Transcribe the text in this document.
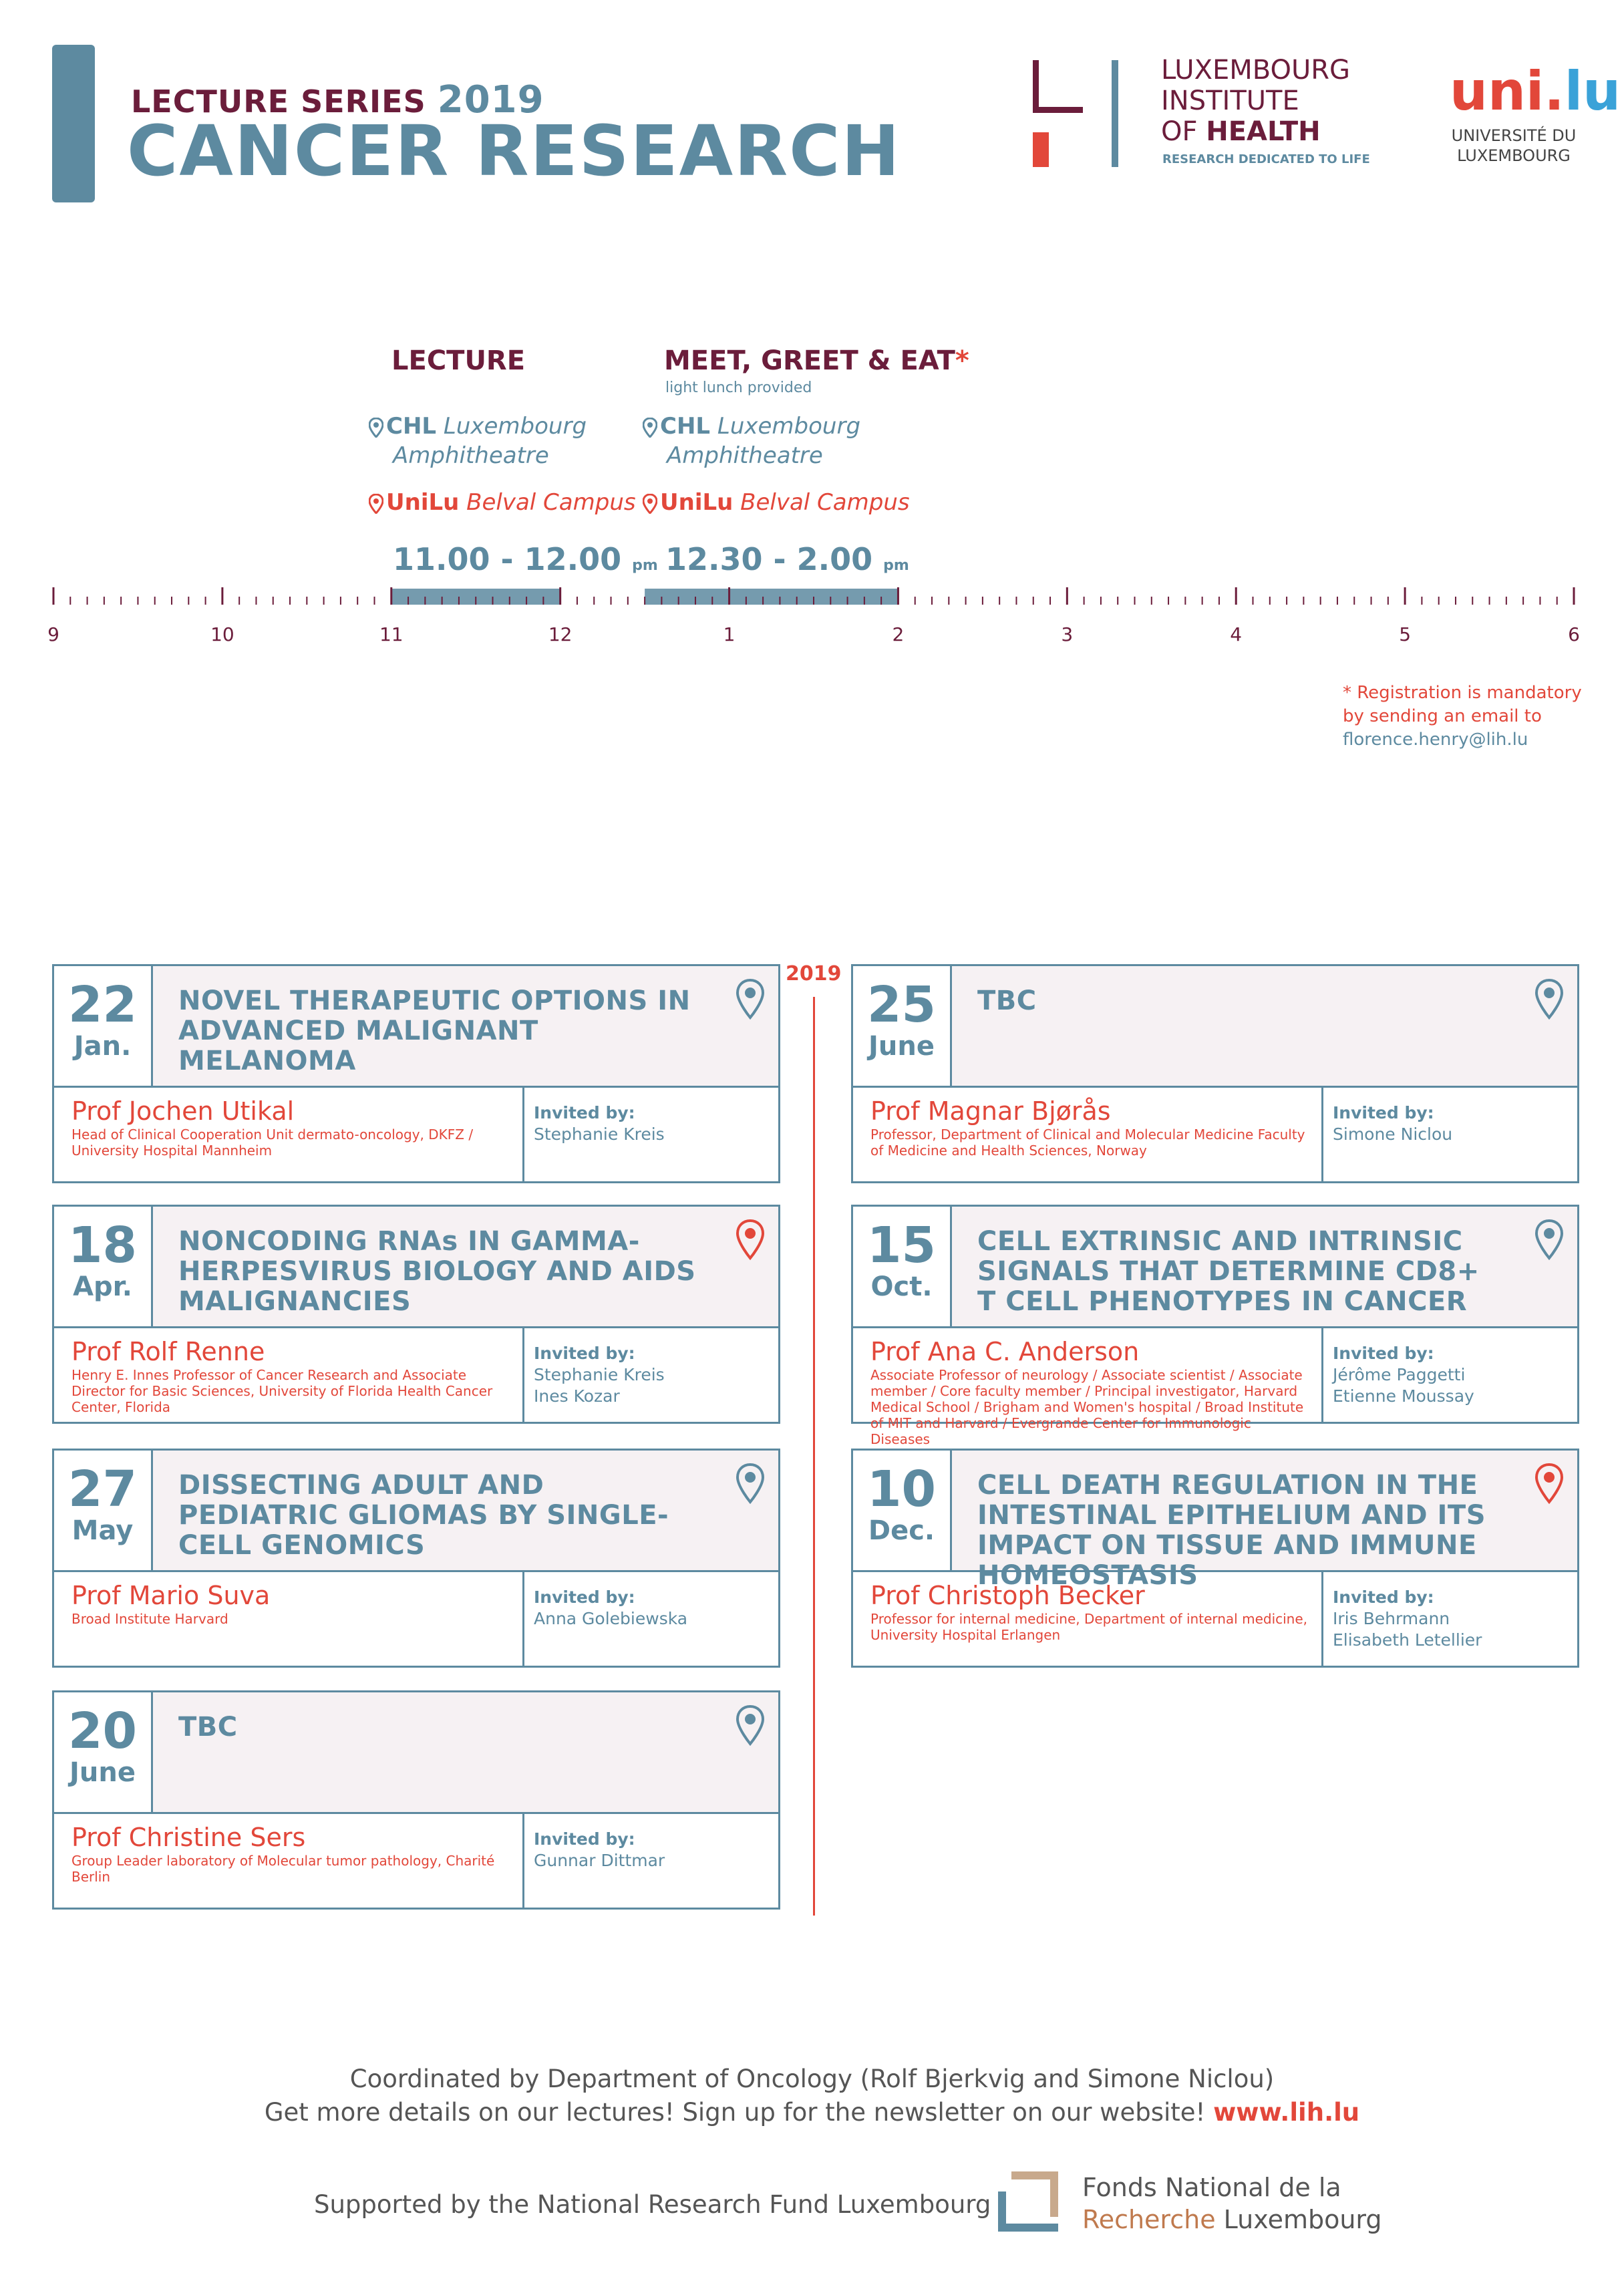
LECTURE SERIES 2019
CANCER RESEARCH
LUXEMBOURG
INSTITUTE
OF HEALTH
RESEARCH DEDICATED TO LIFE
uni.lu
UNIVERSITÉ DU
LUXEMBOURG
LECTURE	MEET, GREET & EAT*
light lunch provided
CHL Luxembourg
Amphitheatre
CHL Luxembourg
Amphitheatre
UniLu Belval Campus	UniLu Belval Campus
11.00 - 12.00 pm 12.30 - 2.00 pm
9	10	11	12	1	2	3	4	5	6
* Registration is mandatory
by sending an email to
florence.henry@lih.lu
2019
22
Jan.
NOVEL THERAPEUTIC OPTIONS IN ADVANCED MALIGNANT MELANOMA
Prof Jochen Utikal
Head of Clinical Cooperation Unit dermato-oncology, DKFZ / University Hospital Mannheim
Invited by:
Stephanie Kreis
18
Apr.
NONCODING RNAs IN GAMMA-HERPESVIRUS BIOLOGY AND AIDS MALIGNANCIES
Prof Rolf Renne
Henry E. Innes Professor of Cancer Research and Associate Director for Basic Sciences, University of Florida Health Cancer Center, Florida
Invited by:
Stephanie Kreis
Ines Kozar
27
May
DISSECTING ADULT AND PEDIATRIC GLIOMAS BY SINGLE-CELL GENOMICS
Prof Mario Suva
Broad Institute Harvard
Invited by:
Anna Golebiewska
20
June
TBC
Prof Christine Sers
Group Leader laboratory of Molecular tumor pathology, Charité Berlin
Invited by:
Gunnar Dittmar
25
June
TBC
Prof Magnar Bjørås
Professor, Department of Clinical and Molecular Medicine Faculty of Medicine and Health Sciences, Norway
Invited by:
Simone Niclou
15
Oct.
CELL EXTRINSIC AND INTRINSIC SIGNALS THAT DETERMINE CD8+ T CELL PHENOTYPES IN CANCER
Prof Ana C. Anderson
Associate Professor of neurology / Associate scientist / Associate member / Core faculty member / Principal investigator, Harvard Medical School / Brigham and Women's hospital / Broad Institute of MIT and Harvard / Evergrande Center for Immunologic Diseases
Invited by:
Jérôme Paggetti
Etienne Moussay
10
Dec.
CELL DEATH REGULATION IN THE INTESTINAL EPITHELIUM AND ITS IMPACT ON TISSUE AND IMMUNE HOMEOSTASIS
Prof Christoph Becker
Professor for internal medicine, Department of internal medicine, University Hospital Erlangen
Invited by:
Iris Behrmann
Elisabeth Letellier
Coordinated by Department of Oncology (Rolf Bjerkvig and Simone Niclou)
Get more details on our lectures! Sign up for the newsletter on our website! www.lih.lu
Supported by the National Research Fund Luxembourg
Fonds National de la
Recherche Luxembourg
